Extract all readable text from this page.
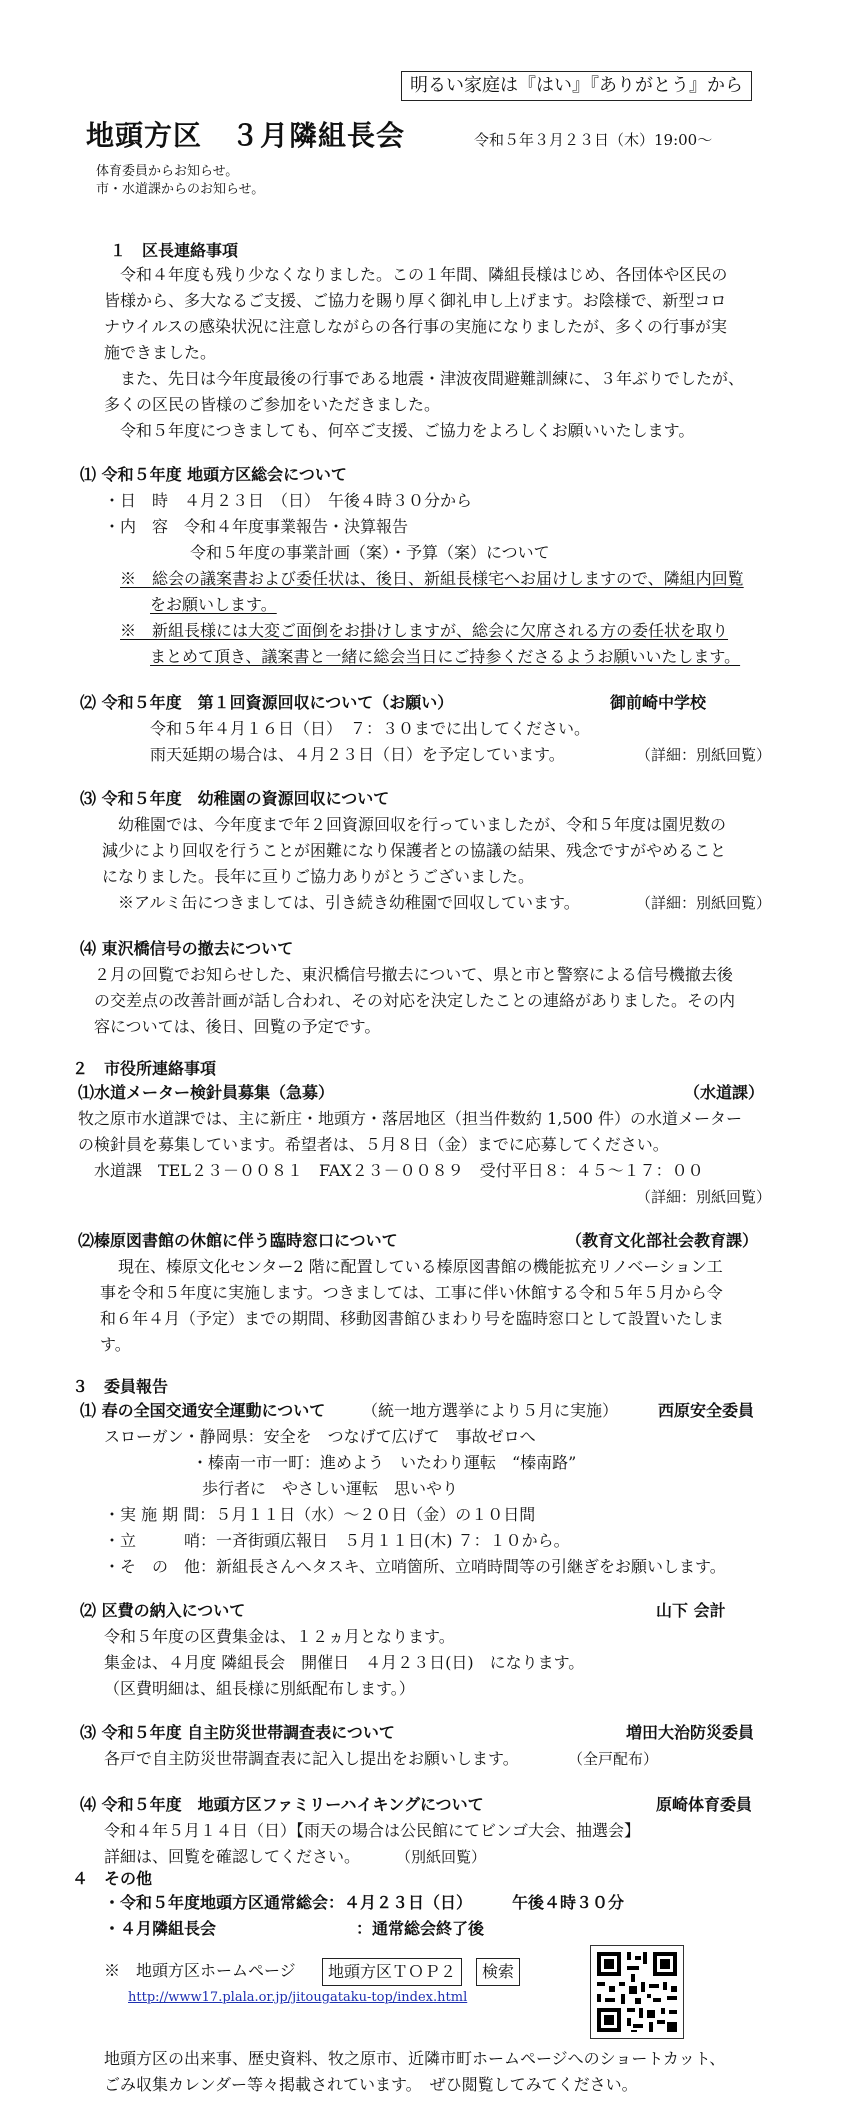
明るい家庭は『はい』『ありがとう』から
地頭方区　３月隣組長会	令和５年３月２３日（木）19:00～
体育委員からお知らせ。
市・水道課からのお知らせ。
１　区長連絡事項
令和４年度も残り少なくなりました。この１年間、隣組長様はじめ、各団体や区民の
皆様から、多大なるご支援、ご協力を賜り厚く御礼申し上げます。お陰様で、新型コロ
ナウイルスの感染状況に注意しながらの各行事の実施になりましたが、多くの行事が実
施できました。
また、先日は今年度最後の行事である地震・津波夜間避難訓練に、３年ぶりでしたが、
多くの区民の皆様のご参加をいただきました。
令和５年度につきましても、何卒ご支援、ご協力をよろしくお願いいたします。
⑴ 令和５年度 地頭方区総会について
・日　時　４月２３日　（日）　午後４時３０分から
・内　容　令和４年度事業報告・決算報告
令和５年度の事業計画（案）・予算（案）について
※　総会の議案書および委任状は、後日、新組長様宅へお届けしますので、隣組内回覧
をお願いします。
※　新組長様には大変ご面倒をお掛けしますが、総会に欠席される方の委任状を取り
まとめて頂き、議案書と一緒に総会当日にご持参くださるようお願いいたします。
⑵ 令和５年度　第１回資源回収について（お願い）	御前崎中学校
令和５年４月１６日（日）　７：３０までに出してください。
雨天延期の場合は、４月２３日（日）を予定しています。	（詳細：別紙回覧）
⑶ 令和５年度　幼稚園の資源回収について
幼稚園では、今年度まで年２回資源回収を行っていましたが、令和５年度は園児数の
減少により回収を行うことが困難になり保護者との協議の結果、残念ですがやめること
になりました。長年に亘りご協力ありがとうございました。
※アルミ缶につきましては、引き続き幼稚園で回収しています。	（詳細：別紙回覧）
⑷ 東沢橋信号の撤去について
２月の回覧でお知らせした、東沢橋信号撤去について、県と市と警察による信号機撤去後
の交差点の改善計画が話し合われ、その対応を決定したことの連絡がありました。その内
容については、後日、回覧の予定です。
２　市役所連絡事項
⑴水道メーター検針員募集（急募）	（水道課）
牧之原市水道課では、主に新庄・地頭方・落居地区（担当件数約 1,500 件）の水道メーター
の検針員を募集しています。希望者は、５月８日（金）までに応募してください。
水道課　TEL２３－００８１　FAX２３－００８９　受付平日８：４５～１７：００
（詳細：別紙回覧）
⑵榛原図書館の休館に伴う臨時窓口について	（教育文化部社会教育課）
現在、榛原文化センター2 階に配置している榛原図書館の機能拡充リノベーション工
事を令和５年度に実施します。つきましては、工事に伴い休館する令和５年５月から令
和６年４月（予定）までの期間、移動図書館ひまわり号を臨時窓口として設置いたしま
す。
３　委員報告
⑴ 春の全国交通安全運動について （統一地方選挙により５月に実施） 西原安全委員
スローガン・静岡県：安全を　つなげて広げて　事故ゼロへ
・榛南一市一町：進めよう　いたわり運転　“榛南路”
歩行者に　やさしい運転　思いやり
・実 施 期 間：５月１１日（水）～２０日（金）の１０日間
・立　　　哨：一斉街頭広報日　５月１１日(木) ７：１０から。
・そ　の　他：新組長さんへタスキ、立哨箇所、立哨時間等の引継ぎをお願いします。
⑵ 区費の納入について	山下 会計
令和５年度の区費集金は、１２ヵ月となります。
集金は、４月度 隣組長会　開催日　４月２３日(日)　になります。
（区費明細は、組長様に別紙配布します。）
⑶ 令和５年度 自主防災世帯調査表について	増田大治防災委員
各戸で自主防災世帯調査表に記入し提出をお願いします。	（全戸配布）
⑷ 令和５年度　地頭方区ファミリーハイキングについて	原崎体育委員
令和４年５月１４日（日）【雨天の場合は公民館にてビンゴ大会、抽選会】
詳細は、回覧を確認してください。 （別紙回覧）
４　その他
・令和５年度地頭方区通常総会：４月２３日（日） 午後４時３０分
・４月隣組長会	：通常総会終了後
※　地頭方区ホームページ	地頭方区ＴＯＰ２	検索
http://www17.plala.or.jp/jitougataku-top/index.html
地頭方区の出来事、歴史資料、牧之原市、近隣市町ホームページへのショートカット、
ごみ収集カレンダー等々掲載されています。　ぜひ閲覧してみてください。
